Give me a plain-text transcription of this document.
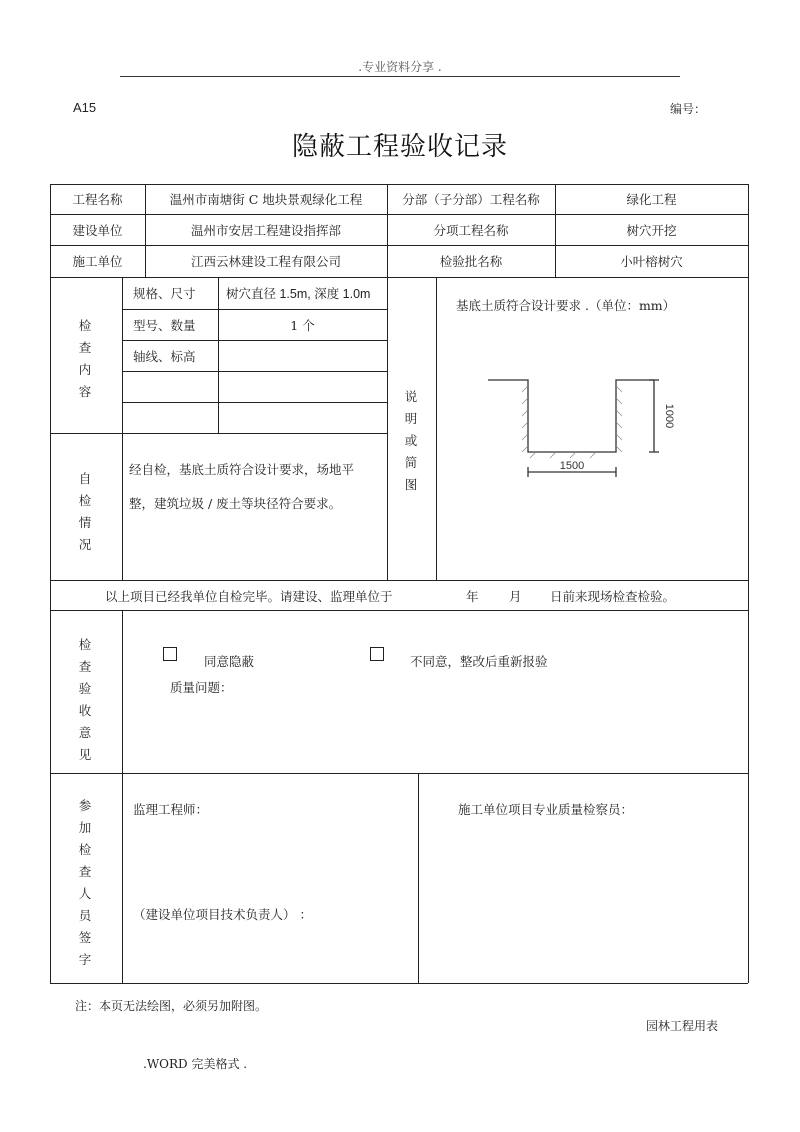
.专业资料分享 .
A15	编号：
隐蔽工程验收记录
工程名称	温州市南塘街 C 地块景观绿化工程	分部（子分部）工程名称	绿化工程
建设单位	温州市安居工程建设指挥部	分项工程名称	树穴开挖
施工单位	江西云林建设工程有限公司	检验批名称	小叶榕树穴
检查内容
规格、尺寸 树穴直径 1.5m, 深度 1.0m
型号、数量	1 个
轴线、标高
说明或简图
基底土质符合设计要求 .（单位：mm）
1500
1000
自检情况
经自检，基底土质符合设计要求，场地平
整，建筑垃圾 / 废土等块径符合要求。
以上项目已经我单位自检完毕。请建设、监理单位于	年 月 日前来现场检查检验。
检查验收意见
同意隐蔽	不同意，整改后重新报验
质量问题：
参加检查人员签字
监理工程师：
（建设单位项目技术负责人） ：
施工单位项目专业质量检察员：
注：本页无法绘图，必须另加附图。
园林工程用表
.WORD 完美格式 .
